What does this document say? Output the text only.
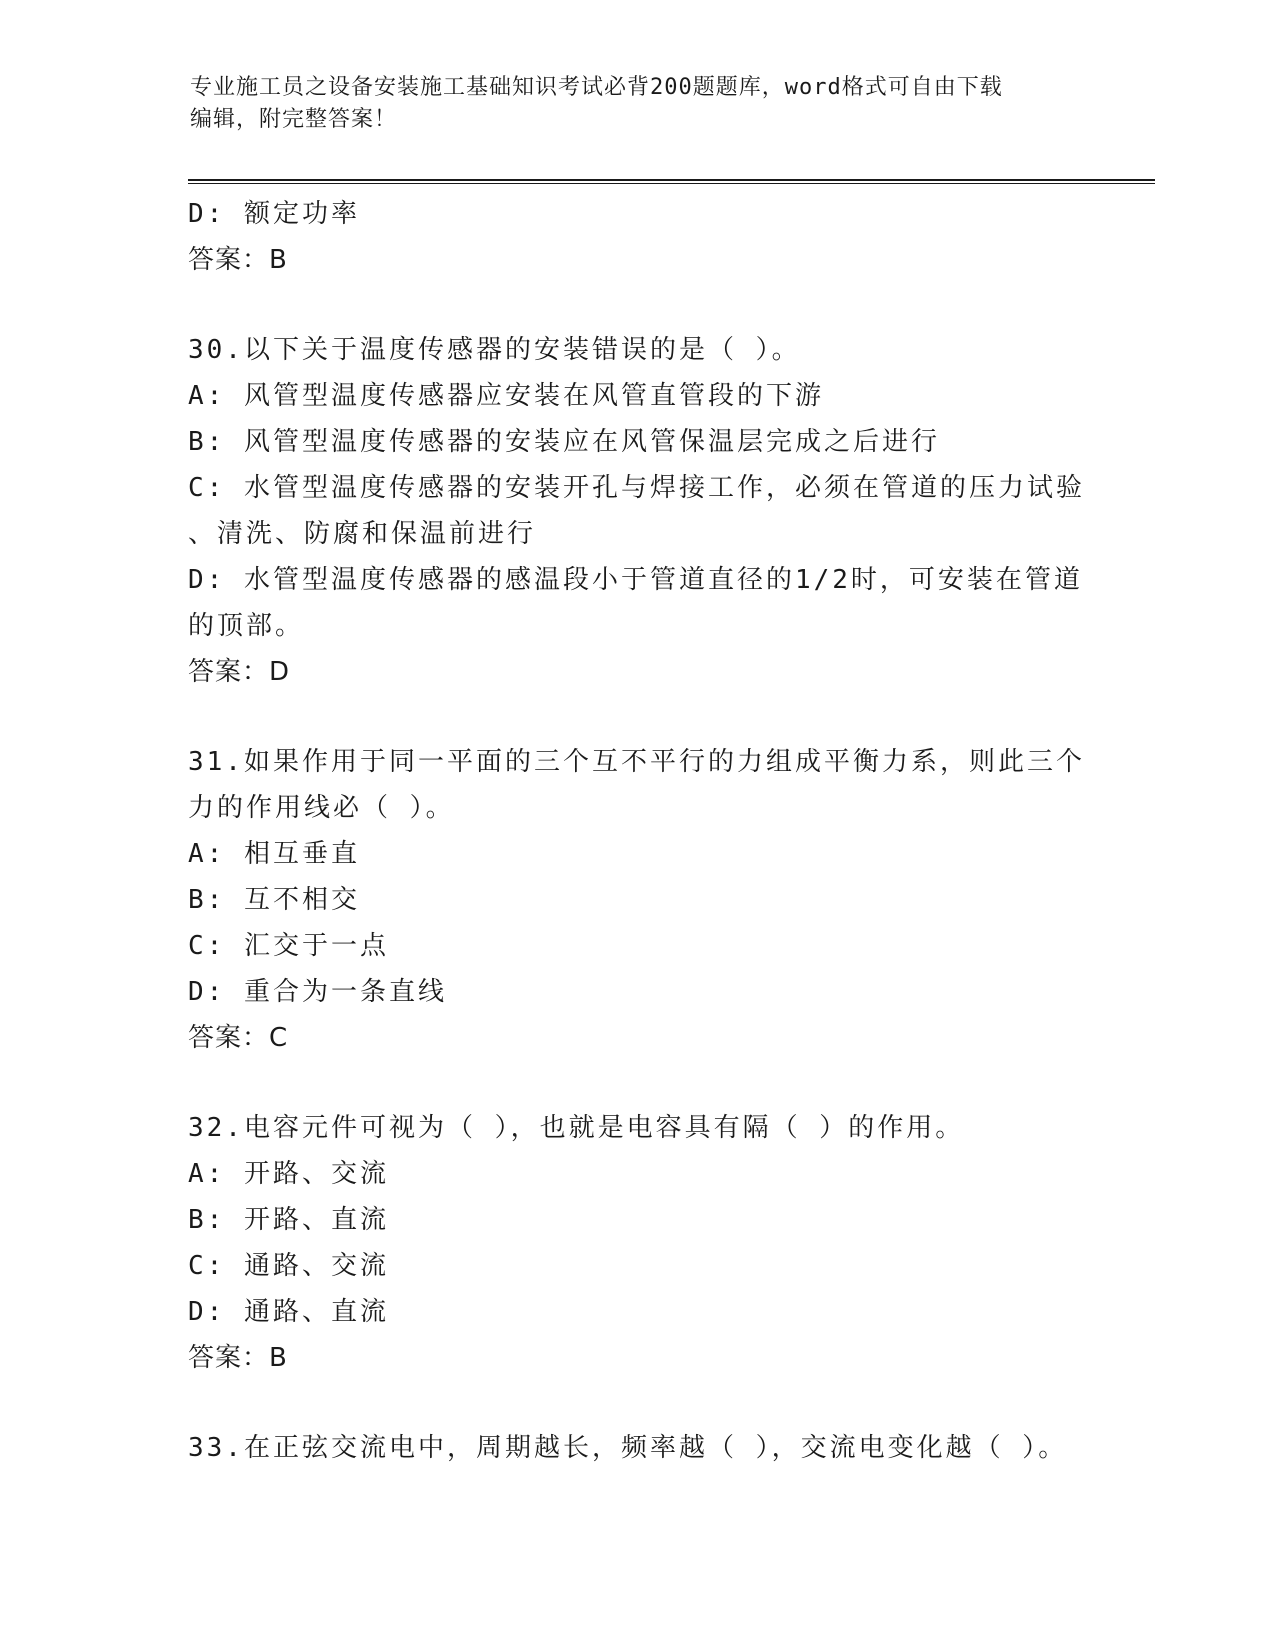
专业施工员之设备安装施工基础知识考试必背200题题库，word格式可自由下载
编辑，附完整答案！
D: 额定功率
答案：B
30.以下关于温度传感器的安装错误的是（ ）。
A: 风管型温度传感器应安装在风管直管段的下游
B: 风管型温度传感器的安装应在风管保温层完成之后进行
C: 水管型温度传感器的安装开孔与焊接工作，必须在管道的压力试验
、清洗、防腐和保温前进行
D: 水管型温度传感器的感温段小于管道直径的1/2时，可安装在管道
的顶部。
答案：D
31.如果作用于同一平面的三个互不平行的力组成平衡力系，则此三个
力的作用线必（ ）。
A: 相互垂直
B: 互不相交
C: 汇交于一点
D: 重合为一条直线
答案：C
32.电容元件可视为（ ），也就是电容具有隔（ ）的作用。
A: 开路、交流
B: 开路、直流
C: 通路、交流
D: 通路、直流
答案：B
33.在正弦交流电中，周期越长，频率越（ ），交流电变化越（ ）。
